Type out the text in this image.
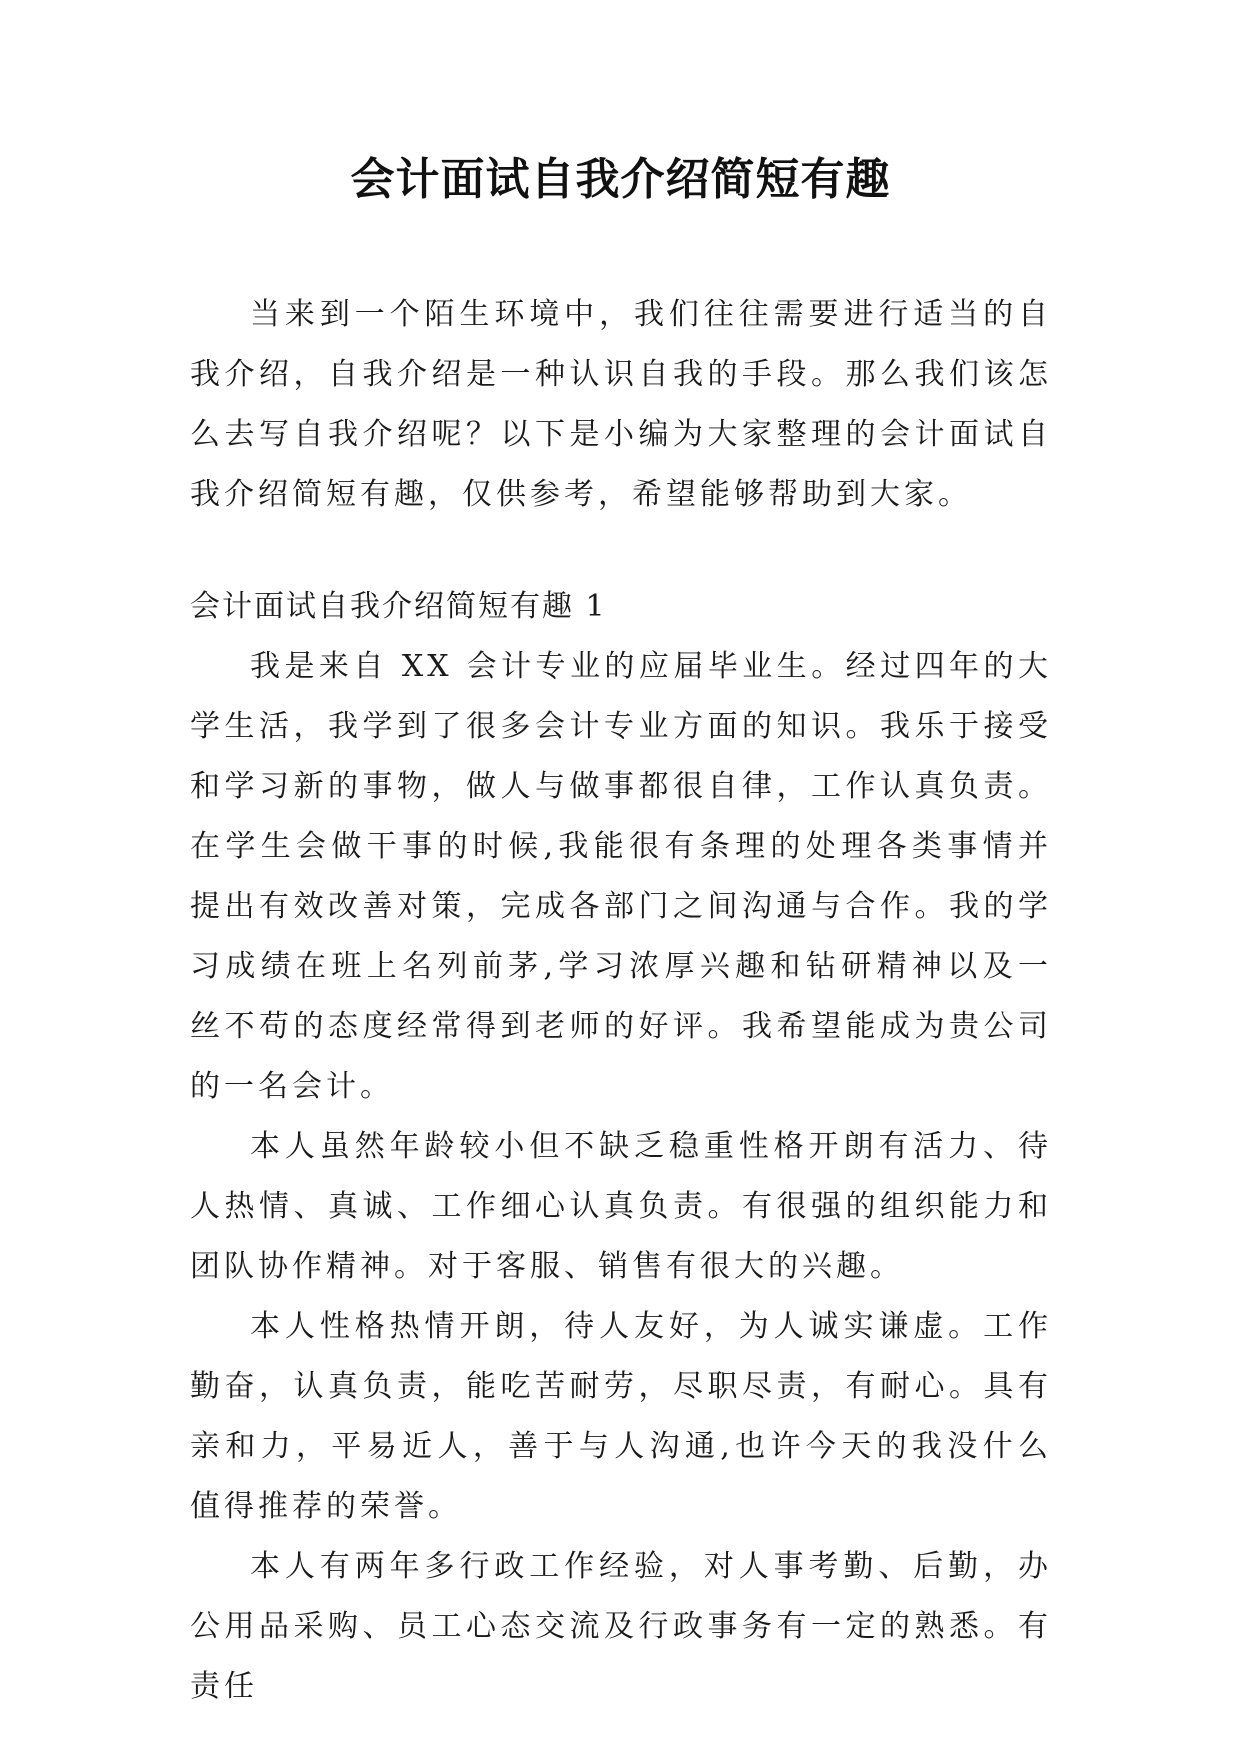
会计面试自我介绍简短有趣

当来到一个陌生环境中，我们往往需要进行适当的自我介绍，自我介绍是一种认识自我的手段。那么我们该怎么去写自我介绍呢？以下是小编为大家整理的会计面试自我介绍简短有趣，仅供参考，希望能够帮助到大家。

会计面试自我介绍简短有趣 1

我是来自 XX 会计专业的应届毕业生。经过四年的大学生活，我学到了很多会计专业方面的知识。我乐于接受和学习新的事物，做人与做事都很自律，工作认真负责。在学生会做干事的时候,我能很有条理的处理各类事情并提出有效改善对策，完成各部门之间沟通与合作。我的学习成绩在班上名列前茅,学习浓厚兴趣和钻研精神以及一丝不苟的态度经常得到老师的好评。我希望能成为贵公司的一名会计。

本人虽然年龄较小但不缺乏稳重性格开朗有活力、待人热情、真诚、工作细心认真负责。有很强的组织能力和团队协作精神。对于客服、销售有很大的兴趣。

本人性格热情开朗，待人友好，为人诚实谦虚。工作勤奋，认真负责，能吃苦耐劳，尽职尽责，有耐心。具有亲和力，平易近人，善于与人沟通,也许今天的我没什么值得推荐的荣誉。

本人有两年多行政工作经验，对人事考勤、后勤，办公用品采购、员工心态交流及行政事务有一定的熟悉。有责任
